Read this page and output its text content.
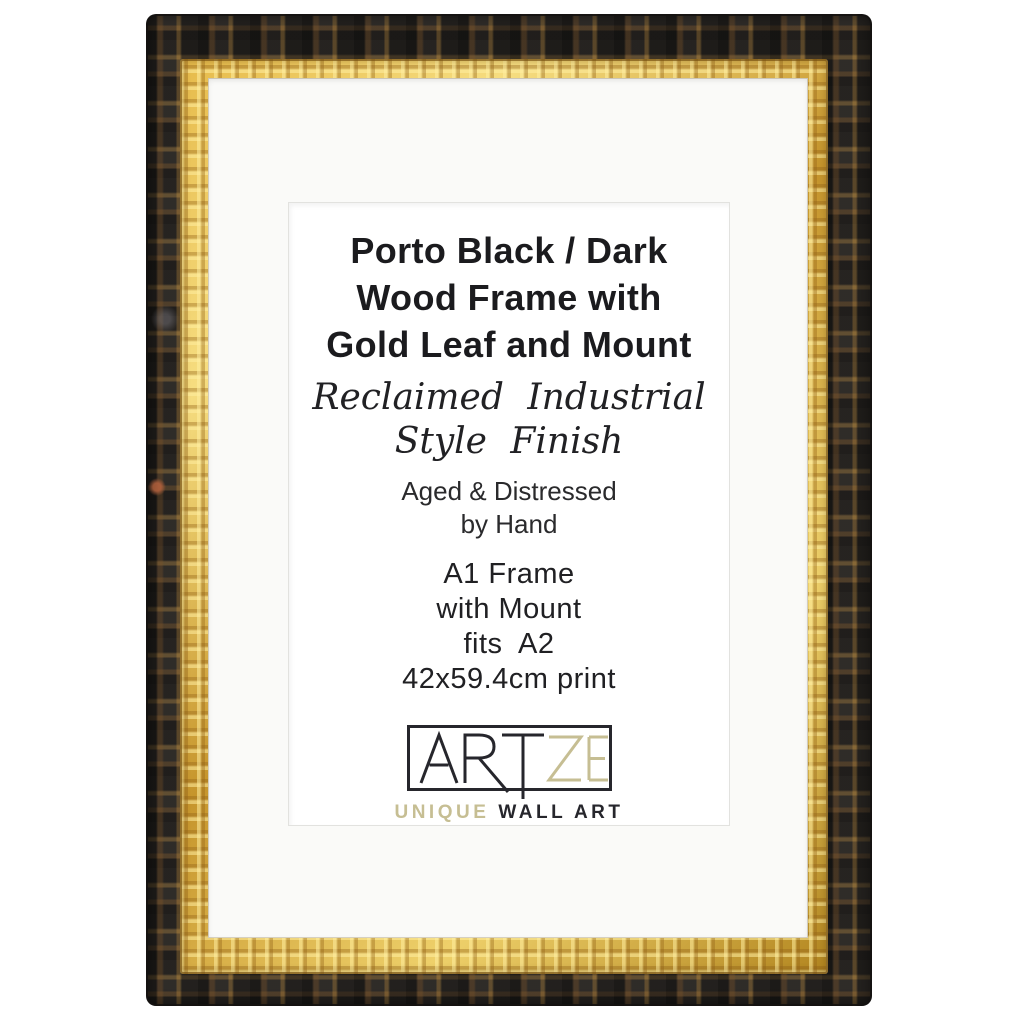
Porto Black / Dark
Wood Frame with
Gold Leaf and Mount
Reclaimed Industrial
Style Finish
Aged & Distressed
by Hand
A1 Frame
with Mount
fits  A2
42x59.4cm print
UNIQUE WALL ART
